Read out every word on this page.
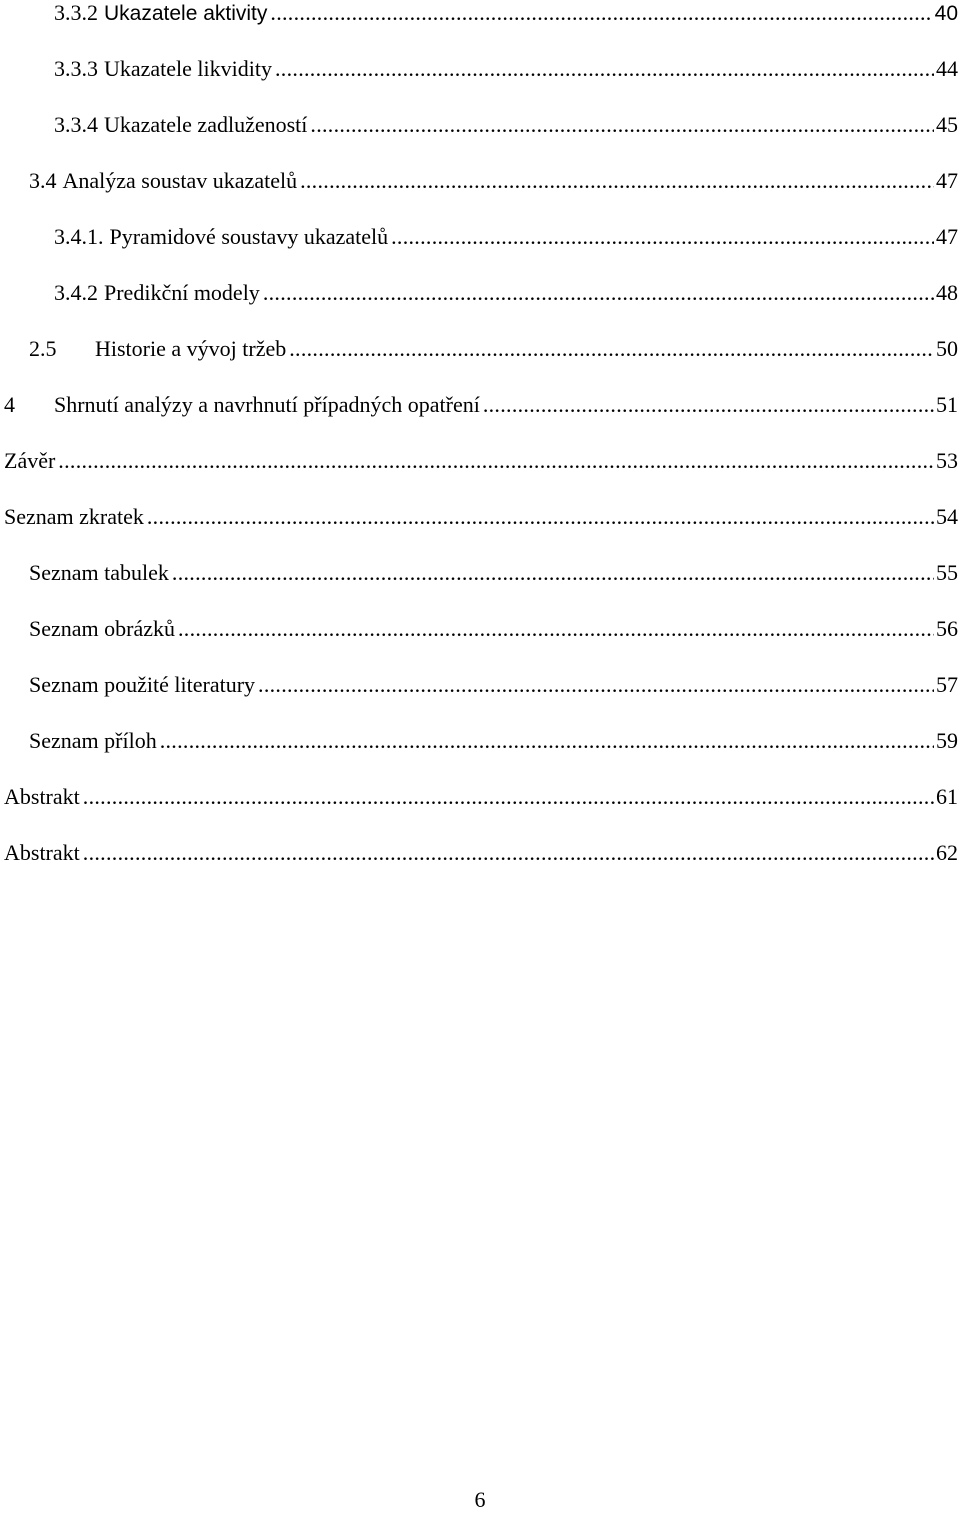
3.3.2 Ukazatele aktivity . . .	40
3.3.3 Ukazatele likvidity . . .	44
3.3.4 Ukazatele zadlužeností . . .	45
3.4 Analýza soustav ukazatelů . . .	47
3.4.1. Pyramidové soustavy ukazatelů . . .	47
3.4.2 Predikční modely . . .	48
2.5	Historie a vývoj tržeb . . .	50
4	Shrnutí analýzy a navrhnutí případných opatření . . .	51
Závěr . . .	53
Seznam zkratek . . .	54
Seznam tabulek . . .	55
Seznam obrázků . . .	56
Seznam použité literatury . . .	57
Seznam příloh . . .	59
Abstrakt . . .	61
Abstrakt . . .	62
6
